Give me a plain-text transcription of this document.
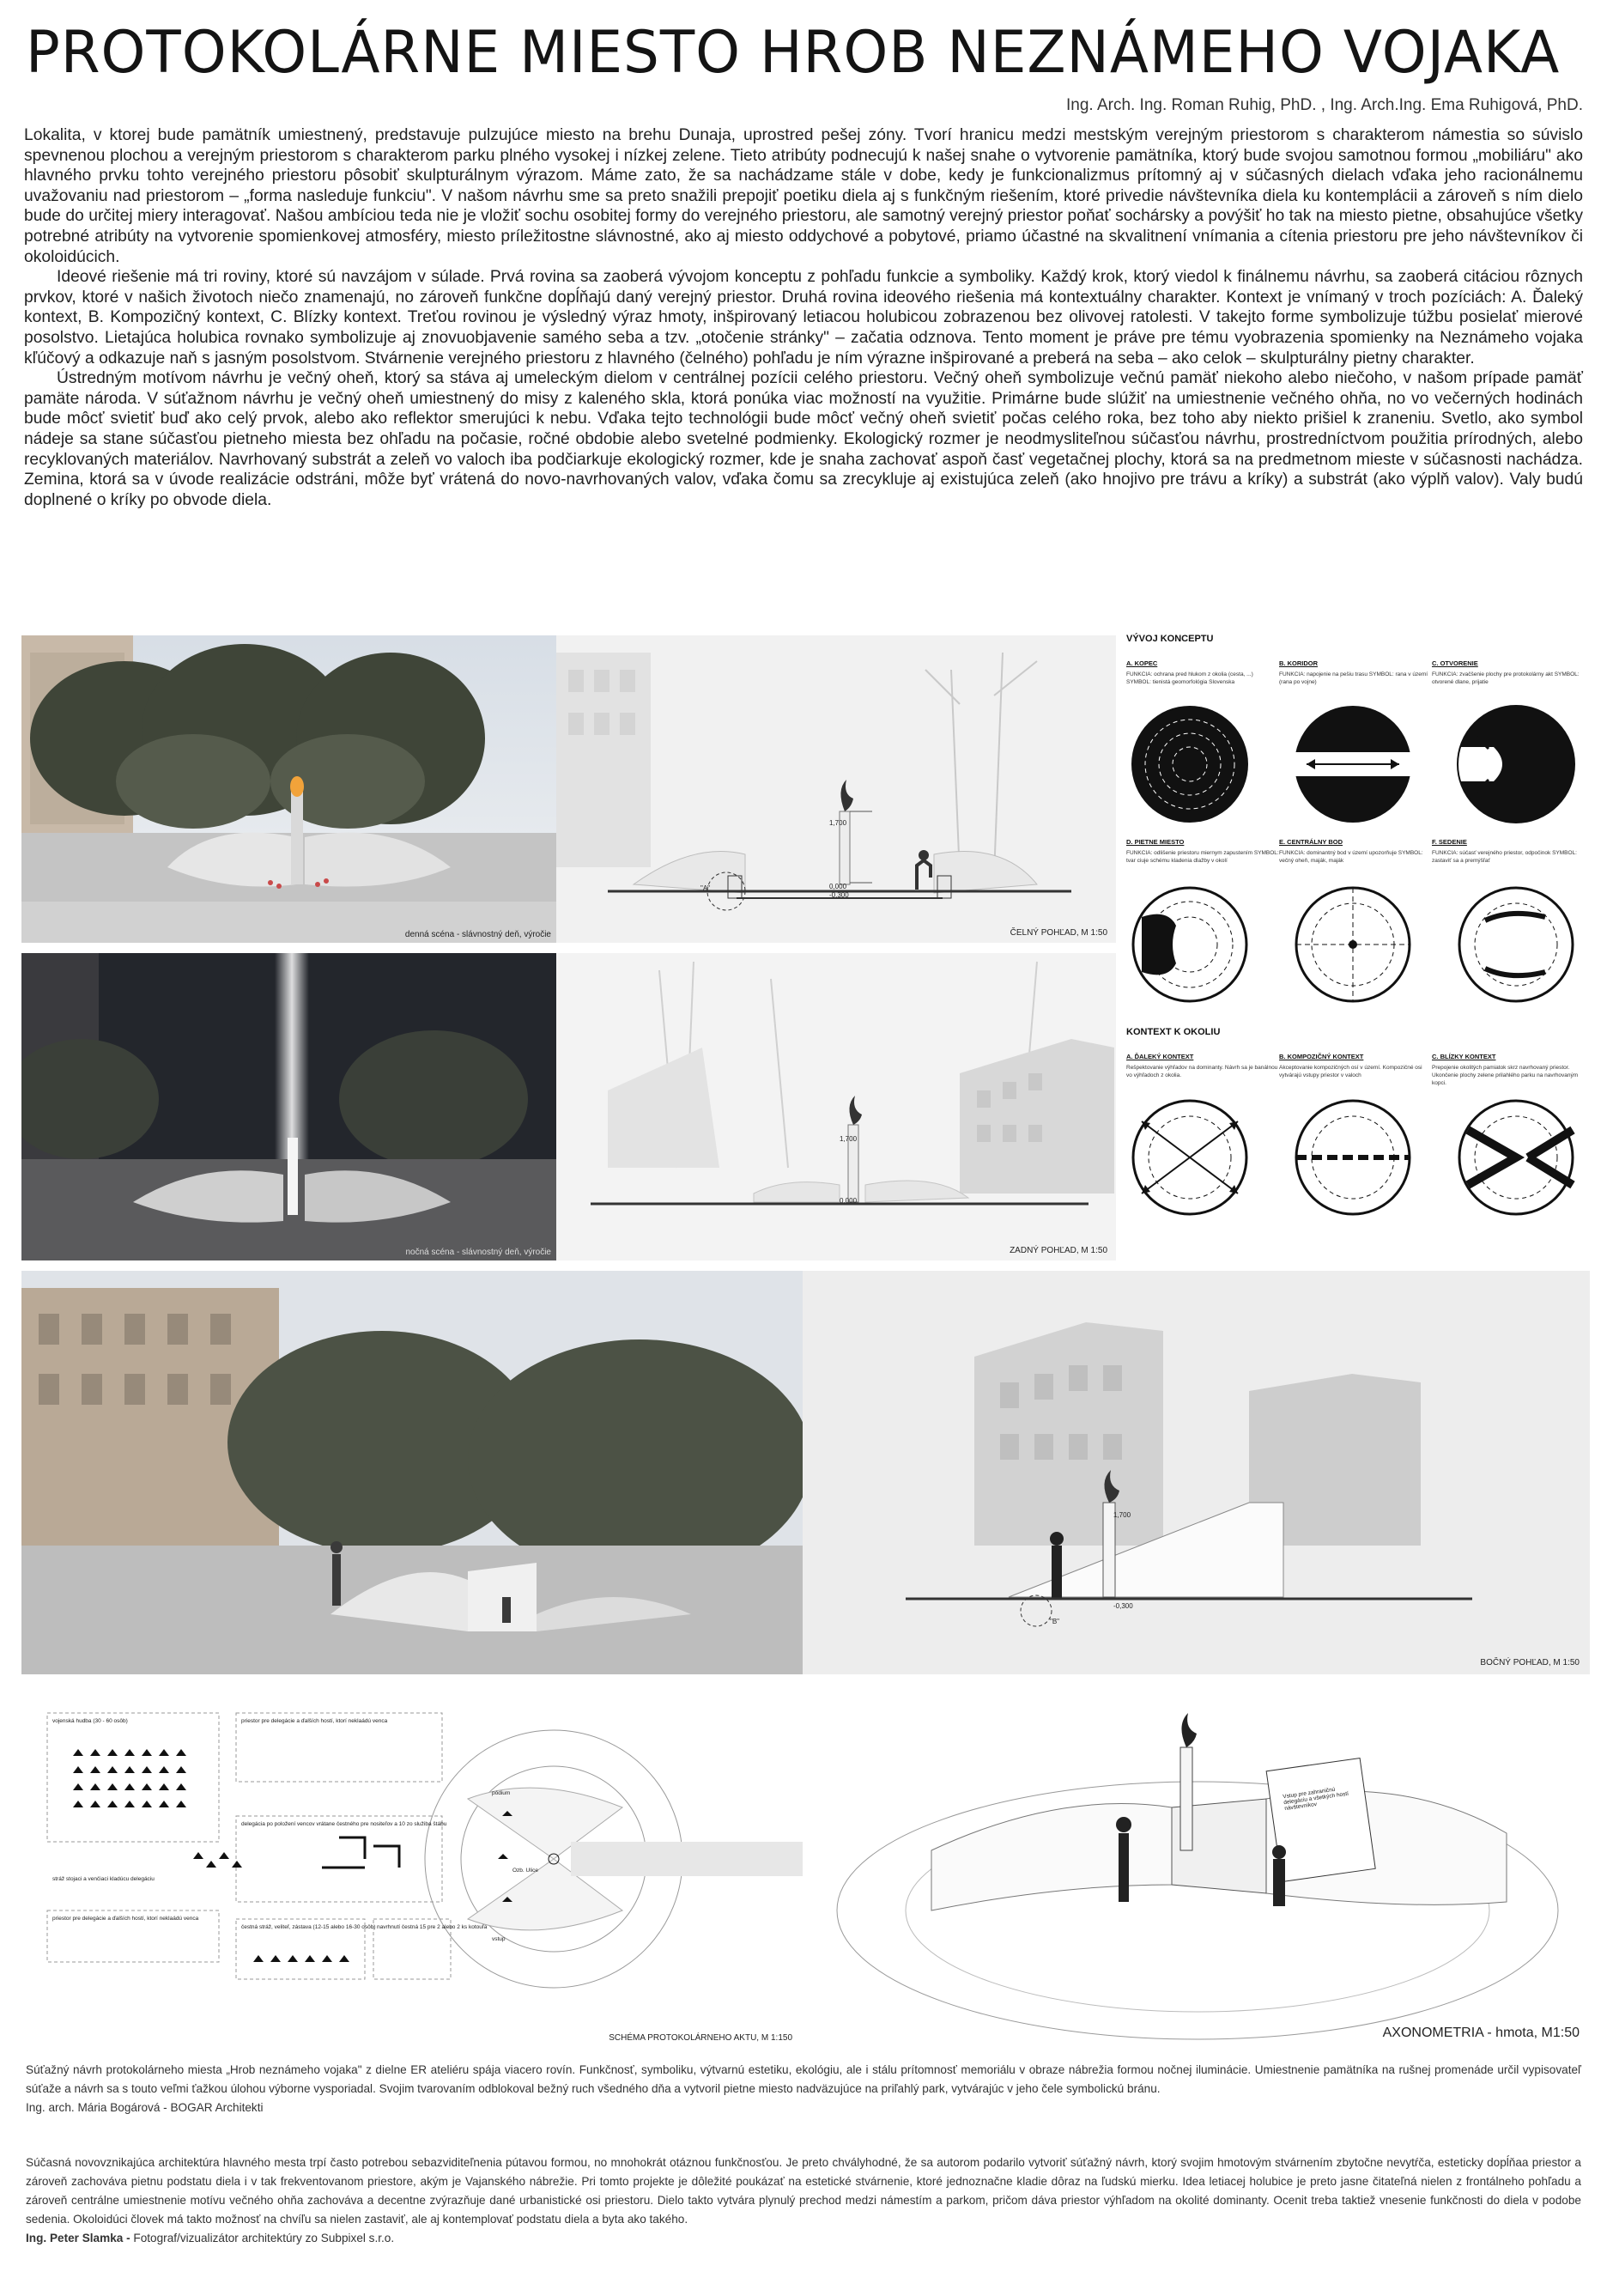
PROTOKOLÁRNE MIESTO HROB NEZNÁMEHO VOJAKA
Ing. Arch. Ing. Roman Ruhig, PhD. , Ing. Arch.Ing. Ema Ruhigová, PhD.

Lokalita, v ktorej bude pamätník umiestnený, predstavuje pulzujúce miesto na brehu Dunaja, uprostred pešej zóny. Tvorí hranicu medzi mestským verejným priestorom s charakterom námestia so súvislo spevnenou plochou a verejným priestorom s charakterom parku plného vysokej i nízkej zelene. Tieto atribúty podnecujú k našej snahe o vytvorenie pamätníka, ktorý bude svojou samotnou formou „mobiliáru" ako hlavného prvku tohto verejného priestoru pôsobiť skulpturálnym výrazom. Máme zato, že sa nachádzame stále v dobe, kedy je funkcionalizmus prítomný aj v súčasných dielach vďaka jeho racionálnemu uvažovaniu nad priestorom – „forma nasleduje funkciu". V našom návrhu sme sa preto snažili prepojiť poetiku diela aj s funkčným riešením, ktoré privedie návštevníka diela ku kontemplácii a zároveň s ním dielo bude do určitej miery interagovať. Našou ambíciou teda nie je vložiť sochu osobitej formy do verejného priestoru, ale samotný verejný priestor poňať sochársky a povýšiť ho tak na miesto pietne, obsahujúce všetky potrebné atribúty na vytvorenie spomienkovej atmosféry, miesto príležitostne slávnostné, ako aj miesto oddychové a pobytové, priamo účastné na skvalitnení vnímania a cítenia priestoru pre jeho návštevníkov či okoloidúcich.

Ideové riešenie má tri roviny, ktoré sú navzájom v súlade. Prvá rovina sa zaoberá vývojom konceptu z pohľadu funkcie a symboliky. Každý krok, ktorý viedol k finálnemu návrhu, sa zaoberá citáciou rôznych prvkov, ktoré v našich životoch niečo znamenajú, no zároveň funkčne dopĺňajú daný verejný priestor. Druhá rovina ideového riešenia má kontextuálny charakter. Kontext je vnímaný v troch pozíciách: A. Ďaleký kontext, B. Kompozičný kontext, C. Blízky kontext. Treťou rovinou je výsledný výraz hmoty, inšpirovaný letiacou holubicou zobrazenou bez olivovej ratolesti. V takejto forme symbolizuje túžbu posielať mierové posolstvo. Lietajúca holubica rovnako symbolizuje aj znovuobjavenie samého seba a tzv. „otočenie stránky" – začatia odznova. Tento moment je práve pre tému vyobrazenia spomienky na Neznámeho vojaka kľúčový a odkazuje naň s jasným posolstvom. Stvárnenie verejného priestoru z hlavného (čelného) pohľadu je ním výrazne inšpirované a preberá na seba – ako celok – skulpturálny pietny charakter.

Ústredným motívom návrhu je večný oheň, ktorý sa stáva aj umeleckým dielom v centrálnej pozícii celého priestoru. Večný oheň symbolizuje večnú pamäť niekoho alebo niečoho, v našom prípade pamäť pamäte národa. V súťažnom návrhu je večný oheň umiestnený do misy z kaleného skla, ktorá ponúka viac možností na využitie. Primárne bude slúžiť na umiestnenie večného ohňa, no vo večerných hodinách bude môcť svietiť buď ako celý prvok, alebo ako reflektor smerujúci k nebu. Vďaka tejto technológii bude môcť večný oheň svietiť počas celého roka, bez toho aby niekto prišiel k zraneniu. Svetlo, ako symbol nádeje sa stane súčasťou pietneho miesta bez ohľadu na počasie, ročné obdobie alebo svetelné podmienky. Ekologický rozmer je neodmysliteľnou súčasťou návrhu, prostredníctvom použitia prírodných, alebo recyklovaných materiálov. Navrhovaný substrát a zeleň vo valoch iba podčiarkuje ekologický rozmer, kde je snaha zachovať aspoň časť vegetačnej plochy, ktorá sa na predmetnom mieste v súčasnosti nachádza. Zemina, ktorá sa v úvode realizácie odstráni, môže byť vrátená do novo-navrhovaných valov, vďaka čomu sa zrecykluje aj existujúca zeleň (ako hnojivo pre trávu a kríky) a substrát (ako výplň valov). Valy budú doplnené o kríky po obvode diela.

denná scéna - slávnostný deň, výročie
1,700
0,000
-0,300
"A"
ČELNÝ POHĽAD, M 1:50
nočná scéna - slávnostný deň, výročie
1,700
0,000
ZADNÝ POHĽAD, M 1:50
VÝVOJ KONCEPTU
A. KOPEC
FUNKCIA: ochrana pred hlukom z okolia (cesta, ...) SYMBOL: tienistá geomorfológia Slovenska
B. KORIDOR
FUNKCIA: napojenie na pešiu trasu SYMBOL: rana v území (rana po vojne)
C. OTVORENIE
FUNKCIA: zvačšenie plochy pre protokolárny akt SYMBOL: otvorené dlane, prijatie
D. PIETNE MIESTO
FUNKCIA: odlišenie priestoru miernym zapustením SYMBOL: tvar ciuje schému kladenia dlažby v okolí
E. CENTRÁLNY BOD
FUNKCIA: dominantný bod v území upozorňuje SYMBOL: večný oheň, maják, maják
F. SEDENIE
FUNKCIA: súčasť verejného priestor, odpočinok SYMBOL: zastaviť sa a premýšľať
KONTEXT K OKOLIU
A. ĎALEKÝ KONTEXT
Rešpektovanie výhľadov na dominanty. Návrh sa je banálnou vo výhľadoch z okolia.
B. KOMPOZIČNÝ KONTEXT
Akceptovanie kompozičných osí v území. Kompozičné osi vytvárajú vstupy priestor v valoch
C. BLÍZKY KONTEXT
Prepojenie okolitých pamiatok skrz navrhovaný priestor. Ukončenie plochy zelene prilahlého parku na navrhovaným kopci.
1,700
-0,300
"B"
BOČNÝ POHĽAD, M 1:50
vojenská hudba (30 - 60 osôb)	priestor pre delegácie a ďalších hostí, ktorí neklaádú venca
delegácia po položení vencov vrátane čestného pre nositeľov a 10 zo služiba štábu
stráž stojaci a venčiaci kladúcu delegáciu
priestor pre delegácie a ďalších hostí, ktorí neklaádú venca
čestná stráž, veliteľ, zástava (12-15 alebo 16-30 osôb) navrhnutí čestná 15 pre 2 alebo 2 ks kotouľa
pódium
vstup
Ozb. Ulice
SCHÉMA PROTOKOLÁRNEHO AKTU, M 1:150
Vstup pre zahraničnú delegáciu a všetkých hostí návštevníkov
AXONOMETRIA - hmota, M1:50

Súťažný návrh protokolárneho miesta „Hrob neznámeho vojaka" z dielne ER ateliéru spája viacero rovín. Funkčnosť, symboliku, výtvarnú estetiku, ekológiu, ale i stálu prítomnosť memoriálu v obraze nábrežia formou nočnej iluminácie. Umiestnenie pamätníka na rušnej promenáde určil vypisovateľ súťaže a návrh sa s touto veľmi ťažkou úlohou výborne vysporiadal. Svojim tvarovaním odblokoval bežný ruch všedného dňa a vytvoril pietne miesto nadväzujúce na priľahlý park, vytvárajúc v jeho čele symbolickú bránu.

Ing. arch. Mária Bogárová - BOGAR Architekti

Súčasná novovznikajúca architektúra hlavného mesta trpí často potrebou sebazviditeľnenia pútavou formou, no mnohokrát otáznou funkčnosťou. Je preto chvályhodné, že sa autorom podarilo vytvoriť súťažný návrh, ktorý svojim hmotovým stvárnením zbytočne nevytŕča, esteticky dopĺňaa priestor a zároveň zachováva pietnu podstatu diela i v tak frekventovanom priestore, akým je Vajanského nábrežie. Pri tomto projekte je dôležité poukázať na estetické stvárnenie, ktoré jednoznačne kladie dôraz na ľudskú mierku. Idea letiacej holubice je preto jasne čitateľná nielen z frontálneho pohľadu a zároveň centrálne umiestnenie motívu večného ohňa zachováva a decentne zvýrazňuje dané urbanistické osi priestoru. Dielo takto vytvára plynulý prechod medzi námestím a parkom, pričom dáva priestor výhľadom na okolité dominanty. Ocenit treba taktiež vnesenie funkčnosti do diela v podobe sedenia. Okoloidúci človek má takto možnosť na chvíľu sa nielen zastaviť, ale aj kontemplovať podstatu diela a byta ako takého.

Ing. Peter Slamka - Fotograf/vizualizátor architektúry zo Subpixel s.r.o.
